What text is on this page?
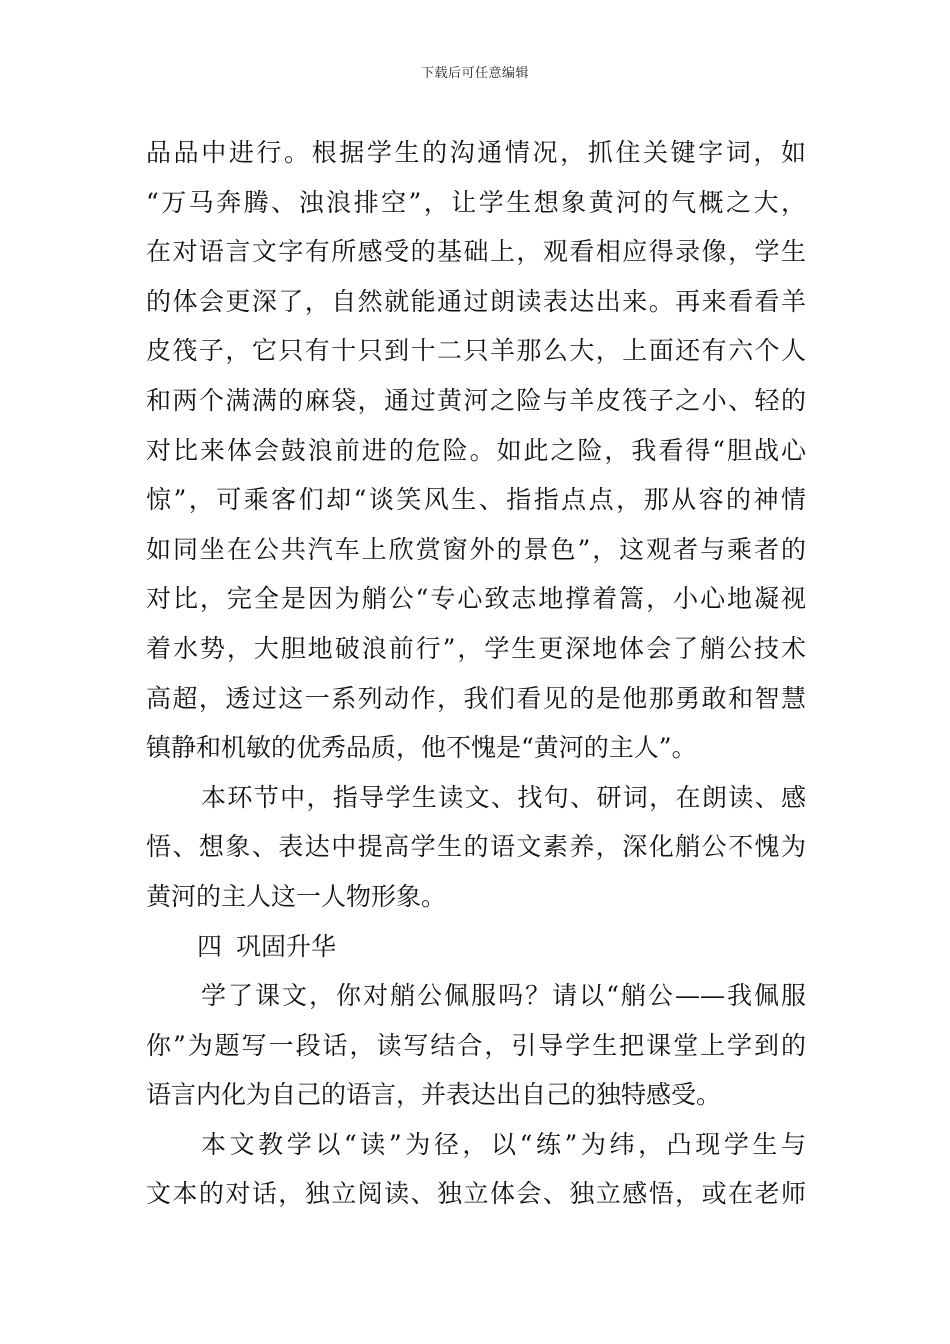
下载后可任意编辑
品品中进行。根据学生的沟通情况，抓住关键字词，如
“万马奔腾、浊浪排空”，让学生想象黄河的气概之大，
在对语言文字有所感受的基础上，观看相应得录像，学生
的体会更深了，自然就能通过朗读表达出来。再来看看羊
皮筏子，它只有十只到十二只羊那么大，上面还有六个人
和两个满满的麻袋，通过黄河之险与羊皮筏子之小、轻的
对比来体会鼓浪前进的危险。如此之险，我看得“胆战心
惊”，可乘客们却“谈笑风生、指指点点，那从容的神情
如同坐在公共汽车上欣赏窗外的景色”，这观者与乘者的
对比，完全是因为艄公“专心致志地撑着篙，小心地凝视
着水势，大胆地破浪前行”，学生更深地体会了艄公技术
高超，透过这一系列动作，我们看见的是他那勇敢和智慧
镇静和机敏的优秀品质，他不愧是“黄河的主人”。
本环节中，指导学生读文、找句、研词，在朗读、感
悟、想象、表达中提高学生的语文素养，深化艄公不愧为
黄河的主人这一人物形象。
四 巩固升华
学了课文，你对艄公佩服吗？请以“艄公——我佩服
你”为题写一段话，读写结合，引导学生把课堂上学到的
语言内化为自己的语言，并表达出自己的独特感受。
本文教学以“读”为径，以“练”为纬，凸现学生与
文本的对话，独立阅读、独立体会、独立感悟，或在老师
